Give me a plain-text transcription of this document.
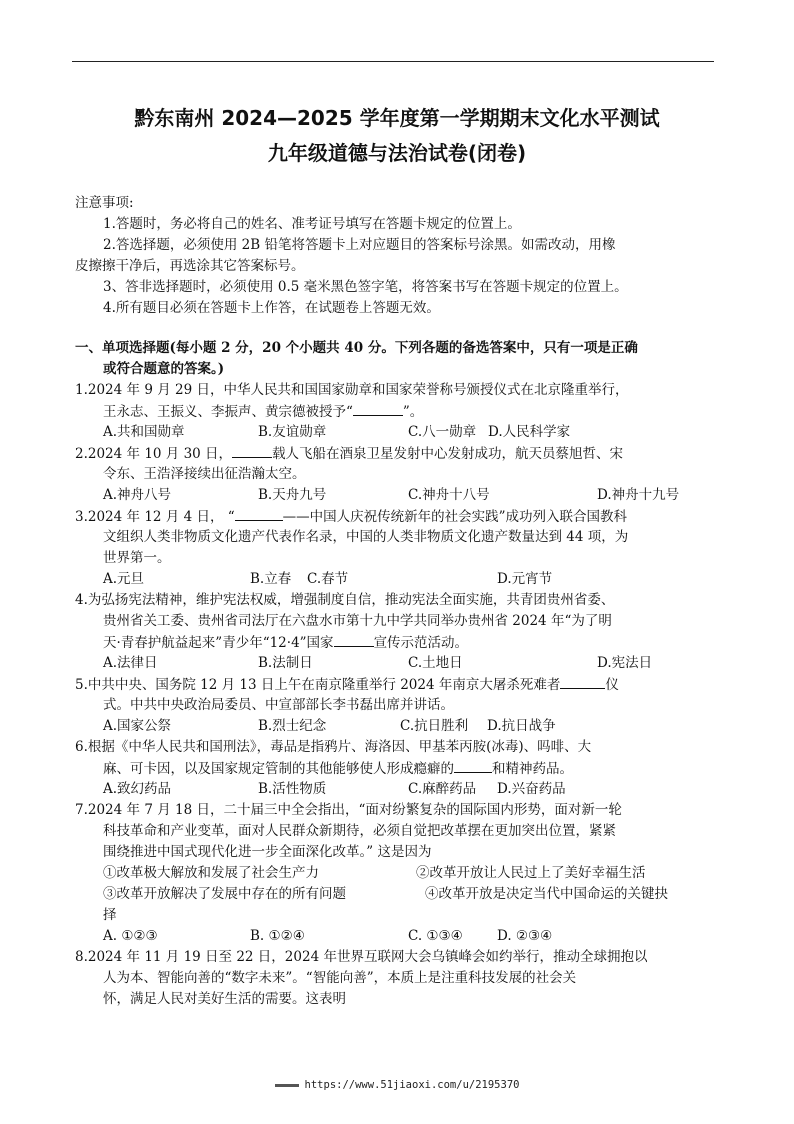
黔东南州 2024—2025 学年度第一学期期末文化水平测试
九年级道德与法治试卷(闭卷)
注意事项:
1.答题时，务必将自己的姓名、准考证号填写在答题卡规定的位置上。
2.答选择题，必须使用 2B 铅笔将答题卡上对应题目的答案标号涂黑。如需改动，用橡
皮擦擦干净后，再选涂其它答案标号。
3、答非选择题时，必须使用 0.5 毫米黑色签字笔，将答案书写在答题卡规定的位置上。
4.所有题目必须在答题卡上作答，在试题卷上答题无效。
一、单项选择题(每小题 2 分，20 个小题共 40 分。下列各题的备选答案中，只有一项是正确
或符合题意的答案。)
1.2024 年 9 月 29 日，中华人民共和国国家勋章和国家荣誉称号颁授仪式在北京隆重举行，
王永志、王振义、李振声、黄宗德被授予“	”。
A.共和国勋章	B.友谊勋章	C.八一勋章 D.人民科学家
2.2024 年 10 月 30 日，	载人飞船在酒泉卫星发射中心发射成功，航天员蔡旭哲、宋
令东、王浩泽接续出征浩瀚太空。
A.神舟八号	B.天舟九号	C.神舟十八号	D.神舟十九号
3.2024 年 12 月 4 日， “	——中国人庆祝传统新年的社会实践”成功列入联合国教科
文组织人类非物质文化遗产代表作名录，中国的人类非物质文化遗产数量达到 44 项，为
世界第一。
A.元旦	B.立春 C.春节	D.元宵节
4.为弘扬宪法精神，维护宪法权威，增强制度自信，推动宪法全面实施，共青团贵州省委、
贵州省关工委、贵州省司法厅在六盘水市第十九中学共同举办贵州省 2024 年“为了明
天·青春护航益起来”青少年“12·4”国家	宣传示范活动。
A.法律日	B.法制日	C.土地日	D.宪法日
5.中共中央、国务院 12 月 13 日上午在南京隆重举行 2024 年南京大屠杀死难者	仪
式。中共中央政治局委员、中宣部部长李书磊出席并讲话。
A.国家公祭	B.烈士纪念	C.抗日胜利 D.抗日战争
6.根据《中华人民共和国刑法》，毒品是指鸦片、海洛因、甲基苯丙胺(冰毒)、吗啡、大
麻、可卡因，以及国家规定管制的其他能够使人形成瘾癖的	和精神药品。
A.致幻药品	B.活性物质	C.麻醉药品 D.兴奋药品
7.2024 年 7 月 18 日，二十届三中全会指出，“面对纷繁复杂的国际国内形势，面对新一轮
科技革命和产业变革，面对人民群众新期待，必须自觉把改革摆在更加突出位置，紧紧
围绕推进中国式现代化进一步全面深化改革。” 这是因为
①改革极大解放和发展了社会生产力	②改革开放让人民过上了美好幸福生活
③改革开放解决了发展中存在的所有问题	④改革开放是决定当代中国命运的关键抉
择
A. ①②③	B. ①②④	C. ①③④	D. ②③④
8.2024 年 11 月 19 日至 22 日，2024 年世界互联网大会乌镇峰会如约举行，推动全球拥抱以
人为本、智能向善的“数字未来”。“智能向善”，本质上是注重科技发展的社会关
怀，满足人民对美好生活的需要。这表明
https://www.51jiaoxi.com/u/2195370
